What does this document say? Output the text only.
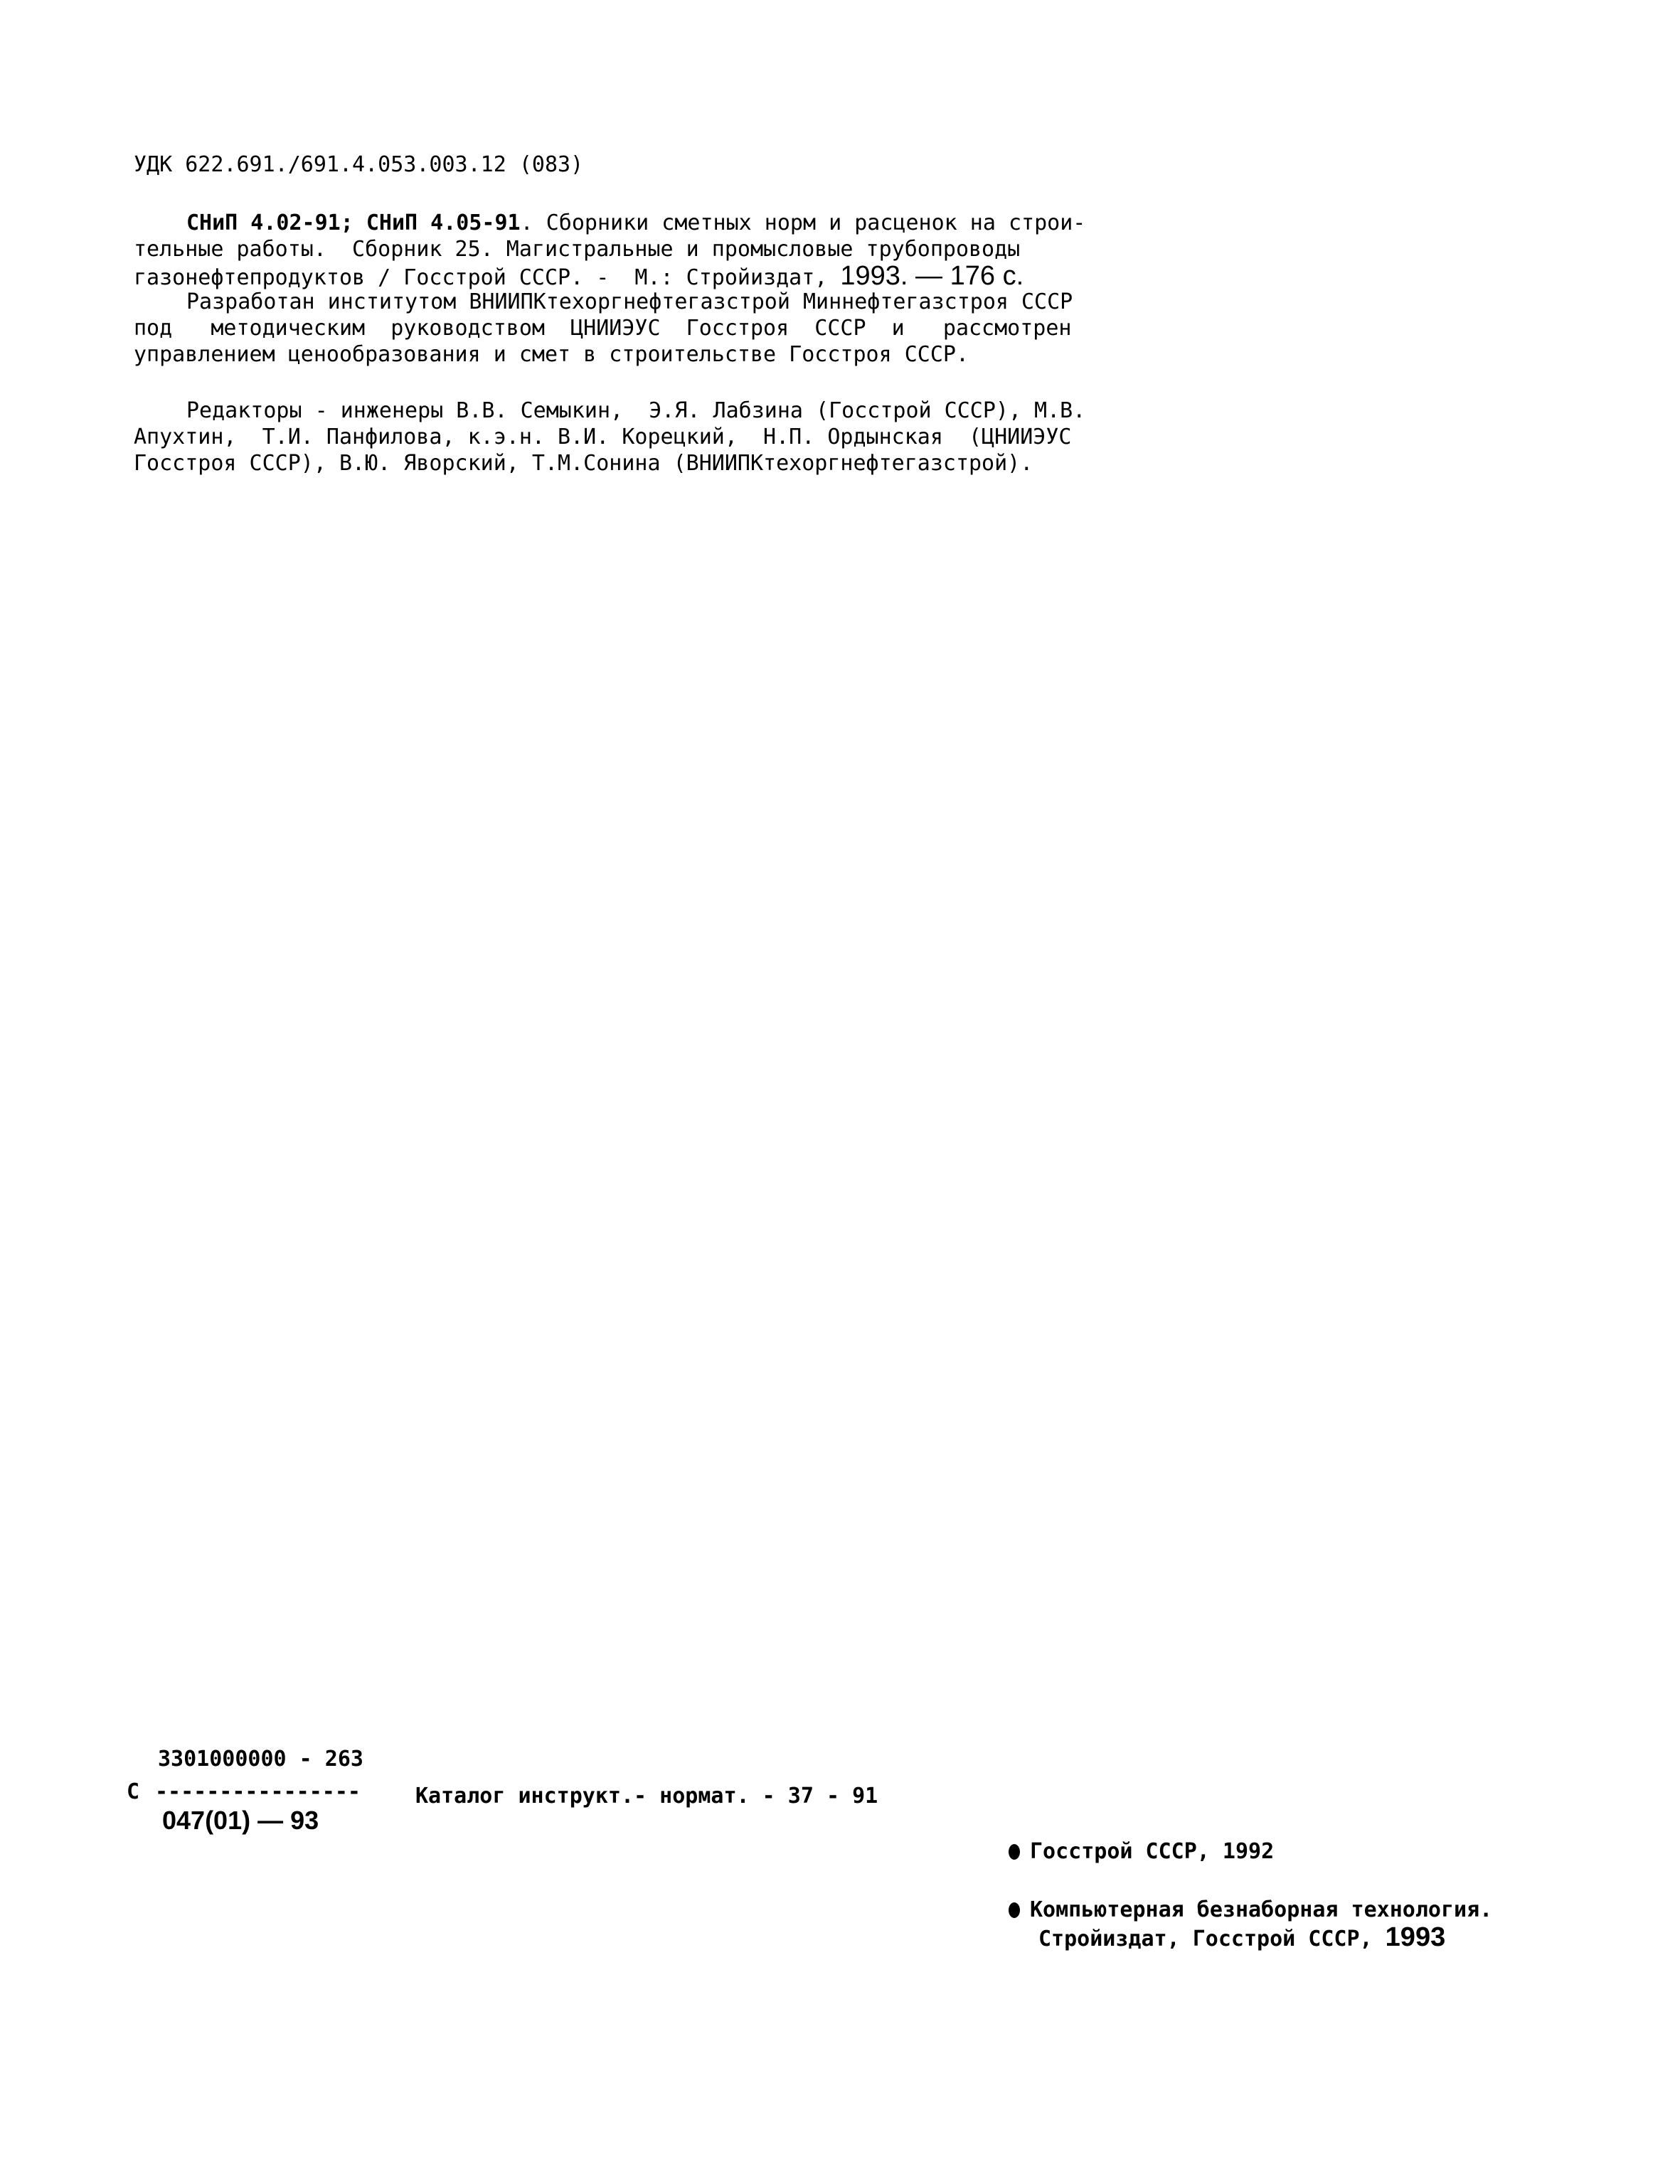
УДК 622.691./691.4.053.003.12 (083)
СНиП 4.02-91; СНиП 4.05-91. Сборники сметных норм и расценок на строи-
тельные работы.  Сборник 25. Магистральные и промысловые трубопроводы
газонефтепродуктов / Госстрой СССР. -  М.: Стройиздат, 1993. — 176 с.
Разработан институтом ВНИИПКтехоргнефтегазстрой Миннефтегазстроя СССР
под   методическим  руководством  ЦНИИЭУС  Госстроя  СССР  и   рассмотрен
управлением ценообразования и смет в строительстве Госстроя СССР.
Редакторы - инженеры В.В. Семыкин,  Э.Я. Лабзина (Госстрой СССР), М.В.
Апухтин,  Т.И. Панфилова, к.э.н. В.И. Корецкий,  Н.П. Ордынская  (ЦНИИЭУС
Госстроя СССР), В.Ю. Яворский, Т.М.Сонина (ВНИИПКтехоргнефтегазстрой).
3301000000 - 263
С ----------------
047(01) — 93
Каталог инструкт.- нормат. - 37 - 91
Госстрой СССР, 1992
Компьютерная безнаборная технология.
Стройиздат, Госстрой СССР, 1993
